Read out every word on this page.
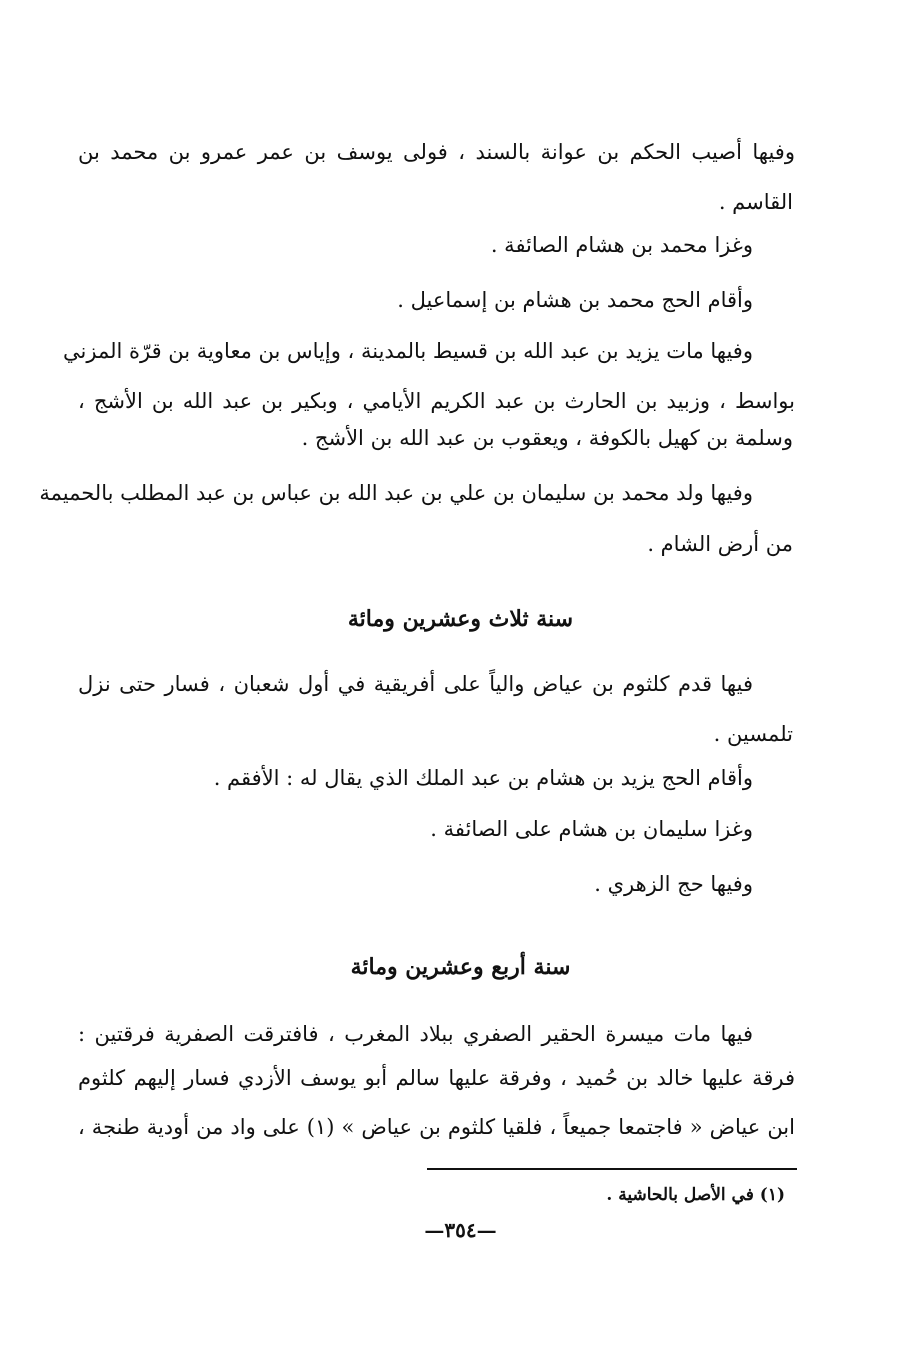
وفيها أصيب الحكم بن عوانة بالسند ، فولى يوسف بن عمر عمرو بن محمد بن
القاسم .
وغزا محمد بن هشام الصائفة .
وأقام الحج محمد بن هشام بن إسماعيل .
وفيها مات يزيد بن عبد الله بن قسيط بالمدينة ، وإياس بن معاوية بن قرّة المزني
بواسط ، وزبيد بن الحارث بن عبد الكريم الأيامي ، وبكير بن عبد الله بن الأشج ،
وسلمة بن كهيل بالكوفة ، ويعقوب بن عبد الله بن الأشج .
وفيها ولد محمد بن سليمان بن علي بن عبد الله بن عباس بن عبد المطلب بالحميمة
من أرض الشام .
سنة ثلاث وعشرين ومائة
فيها قدم كلثوم بن عياض والياً على أفريقية في أول شعبان ، فسار حتى نزل
تلمسين .
وأقام الحج يزيد بن هشام بن عبد الملك الذي يقال له : الأفقم .
وغزا سليمان بن هشام على الصائفة .
وفيها حج الزهري .
سنة أربع وعشرين ومائة
فيها مات ميسرة الحقير الصفري ببلاد المغرب ، فافترقت الصفرية فرقتين :
فرقة عليها خالد بن حُميد ، وفرقة عليها سالم أبو يوسف الأزدي فسار إليهم كلثوم
ابن عياض « فاجتمعا جميعاً ، فلقيا كلثوم بن عياض » (١) على واد من أودية طنجة ،
(١) في الأصل بالحاشية .
—٣٥٤—
